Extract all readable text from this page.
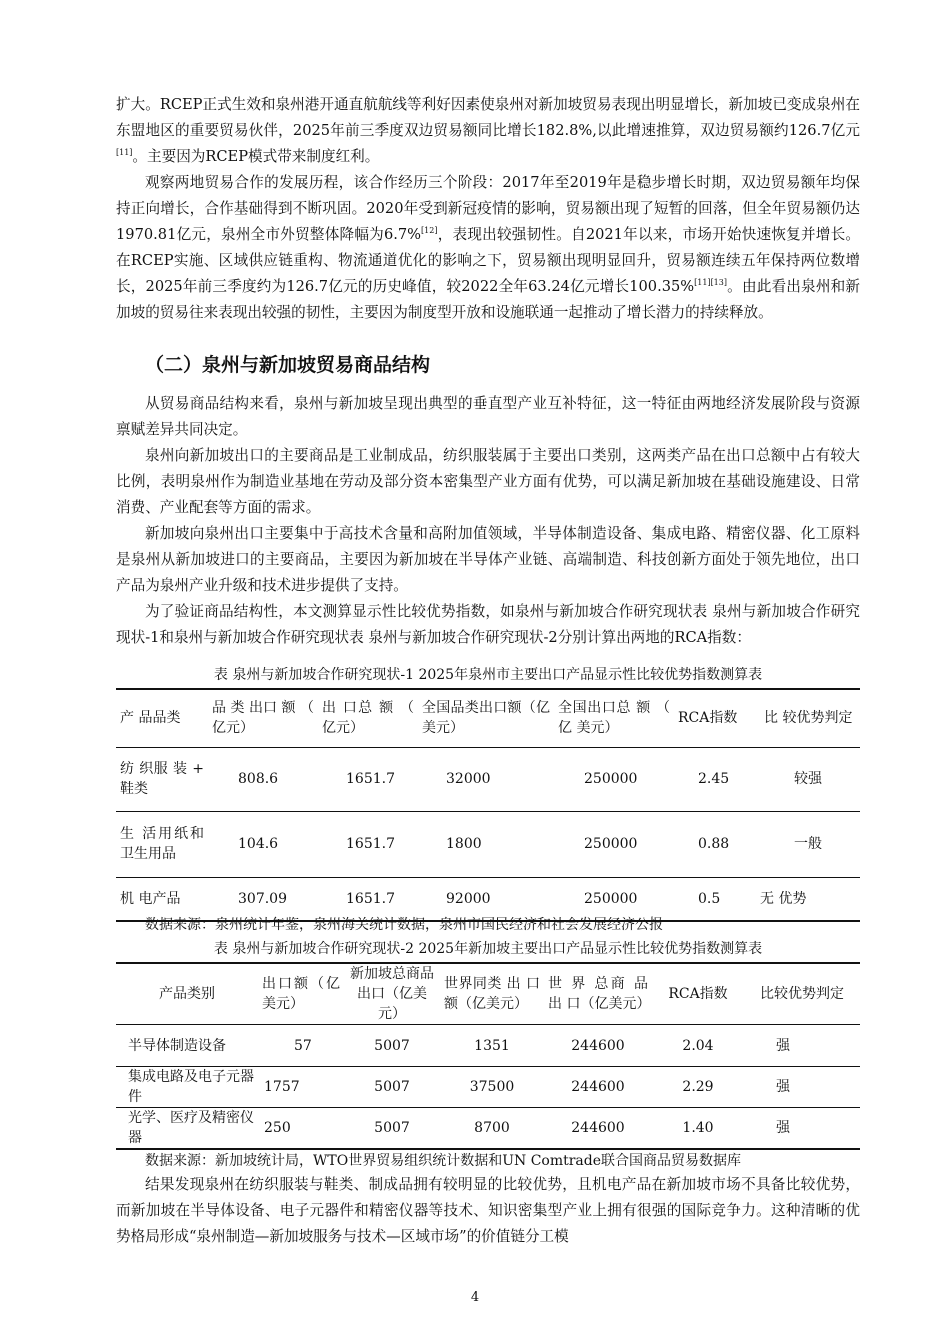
扩大。RCEP正式生效和泉州港开通直航航线等利好因素使泉州对新加坡贸易表现出明显增长，新加坡已变成泉州在东盟地区的重要贸易伙伴，2025年前三季度双边贸易额同比增长182.8%,以此增速推算，双边贸易额约126.7亿元[11]。主要因为RCEP模式带来制度红利。

观察两地贸易合作的发展历程，该合作经历三个阶段：2017年至2019年是稳步增长时期，双边贸易额年均保持正向增长，合作基础得到不断巩固。2020年受到新冠疫情的影响，贸易额出现了短暂的回落，但全年贸易额仍达1970.81亿元，泉州全市外贸整体降幅为6.7%[12]，表现出较强韧性。自2021年以来，市场开始快速恢复并增长。在RCEP实施、区域供应链重构、物流通道优化的影响之下，贸易额出现明显回升，贸易额连续五年保持两位数增长，2025年前三季度约为126.7亿元的历史峰值，较2022全年63.24亿元增长100.35%[11][13]。由此看出泉州和新加坡的贸易往来表现出较强的韧性，主要因为制度型开放和设施联通一起推动了增长潜力的持续释放。

（二）泉州与新加坡贸易商品结构

从贸易商品结构来看，泉州与新加坡呈现出典型的垂直型产业互补特征，这一特征由两地经济发展阶段与资源禀赋差异共同决定。

泉州向新加坡出口的主要商品是工业制成品，纺织服装属于主要出口类别，这两类产品在出口总额中占有较大比例，表明泉州作为制造业基地在劳动及部分资本密集型产业方面有优势，可以满足新加坡在基础设施建设、日常消费、产业配套等方面的需求。

新加坡向泉州出口主要集中于高技术含量和高附加值领域，半导体制造设备、集成电路、精密仪器、化工原料是泉州从新加坡进口的主要商品，主要因为新加坡在半导体产业链、高端制造、科技创新方面处于领先地位，出口产品为泉州产业升级和技术进步提供了支持。

为了验证商品结构性，本文测算显示性比较优势指数，如泉州与新加坡合作研究现状表 泉州与新加坡合作研究现状-1和泉州与新加坡合作研究现状表 泉州与新加坡合作研究现状-2分别计算出两地的RCA指数：

表 泉州与新加坡合作研究现状-1 2025年泉州市主要出口产品显示性比较优势指数测算表

产 品品类	品 类 出口 额 （ 亿元）	出 口总 额 （ 亿元）	全国品类出口额（亿美元）	全国出口总 额 （ 亿 美元）	RCA指数	比 较优势判定
纺 织服 装 + 鞋类	808.6	1651.7	32000	250000	2.45	较强
生 活用纸和卫生用品	104.6	1651.7	1800	250000	0.88	一般
机 电产品	307.09	1651.7	92000	250000	0.5	无 优势

数据来源：泉州统计年鉴，泉州海关统计数据，泉州市国民经济和社会发展经济公报

表 泉州与新加坡合作研究现状-2 2025年新加坡主要出口产品显示性比较优势指数测算表

产品类别	出口额（亿美元）	新加坡总商品出口（亿美元）	世界同类 出 口 额（亿美元）	世 界 总商 品 出 口（亿美元）	RCA指数	比较优势判定
半导体制造设备	57	5007	1351	244600	2.04	强
集成电路及电子元器件	1757	5007	37500	244600	2.29	强
光学、医疗及精密仪器	250	5007	8700	244600	1.40	强

数据来源：新加坡统计局，WTO世界贸易组织统计数据和UN Comtrade联合国商品贸易数据库

结果发现泉州在纺织服装与鞋类、制成品拥有较明显的比较优势，且机电产品在新加坡市场不具备比较优势，而新加坡在半导体设备、电子元器件和精密仪器等技术、知识密集型产业上拥有很强的国际竞争力。这种清晰的优势格局形成“泉州制造—新加坡服务与技术—区域市场”的价值链分工模

4
